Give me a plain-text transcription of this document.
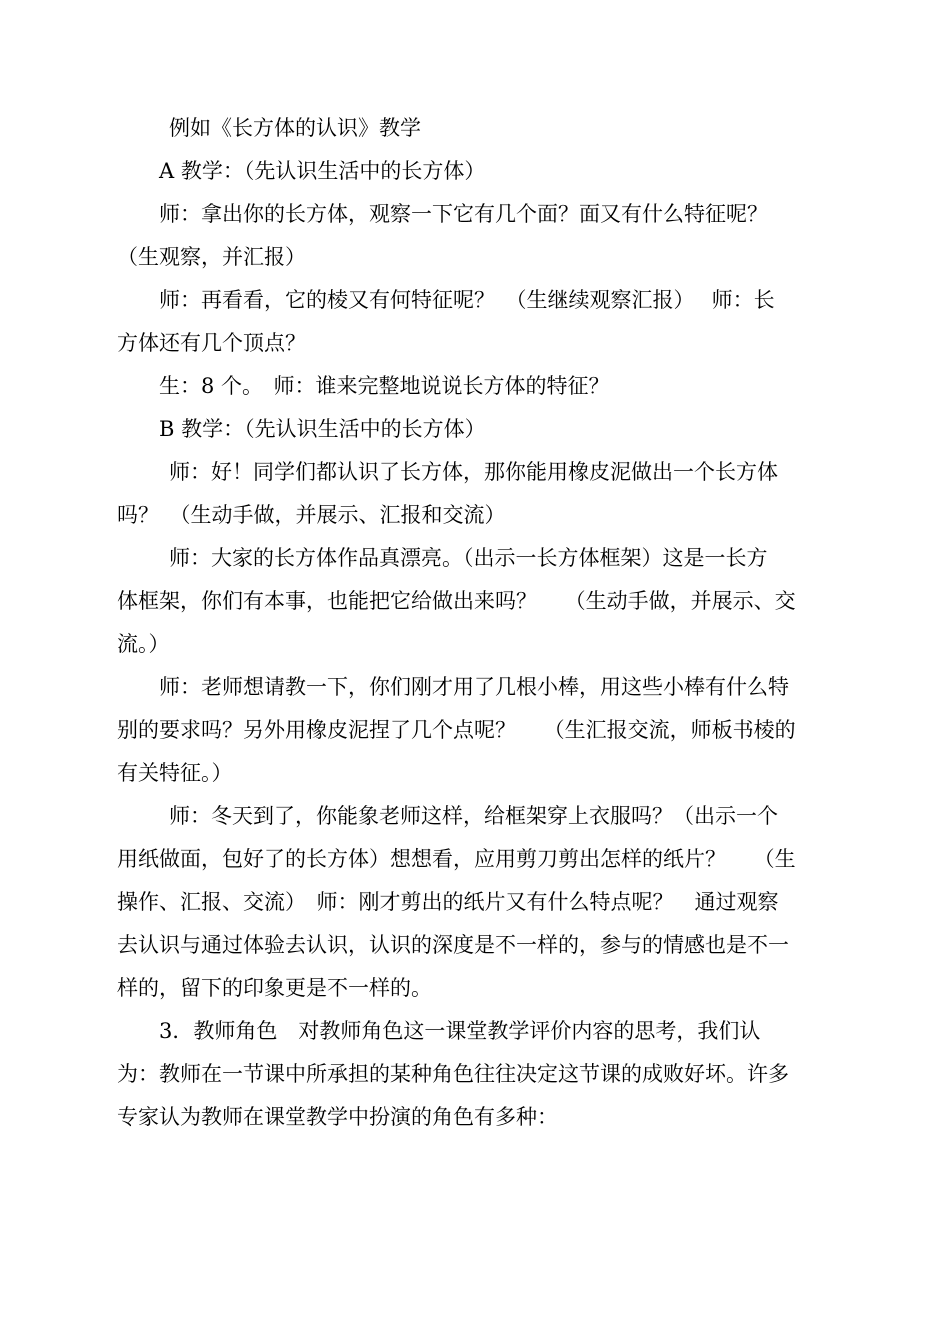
例如《长方体的认识》教学
A 教学：（先认识生活中的长方体）
师：拿出你的长方体，观察一下它有几个面？面又有什么特征呢？
（生观察，并汇报）
师：再看看，它的棱又有何特征呢？　（生继续观察汇报）　 师：长
方体还有几个顶点？
生：8 个。　师：谁来完整地说说长方体的特征？
B 教学：（先认识生活中的长方体）
师：好！同学们都认识了长方体，那你能用橡皮泥做出一个长方体
吗？　（生动手做，并展示、汇报和交流）
师：大家的长方体作品真漂亮。（出示一长方体框架）这是一长方
体框架，你们有本事，也能把它给做出来吗？　 （生动手做，并展示、交
流。）
师：老师想请教一下，你们刚才用了几根小棒，用这些小棒有什么特
别的要求吗？另外用橡皮泥捏了几个点呢？　 （生汇报交流，师板书棱的
有关特征。）
师：冬天到了，你能象老师这样，给框架穿上衣服吗？（出示一个
用纸做面，包好了的长方体）想想看，应用剪刀剪出怎样的纸片？　 （生
操作、汇报、交流）　师：刚才剪出的纸片又有什么特点呢？　通过观察
去认识与通过体验去认识，认识的深度是不一样的，参与的情感也是不一
样的，留下的印象更是不一样的。
3．教师角色　对教师角色这一课堂教学评价内容的思考，我们认
为：教师在一节课中所承担的某种角色往往决定这节课的成败好坏。许多
专家认为教师在课堂教学中扮演的角色有多种：
